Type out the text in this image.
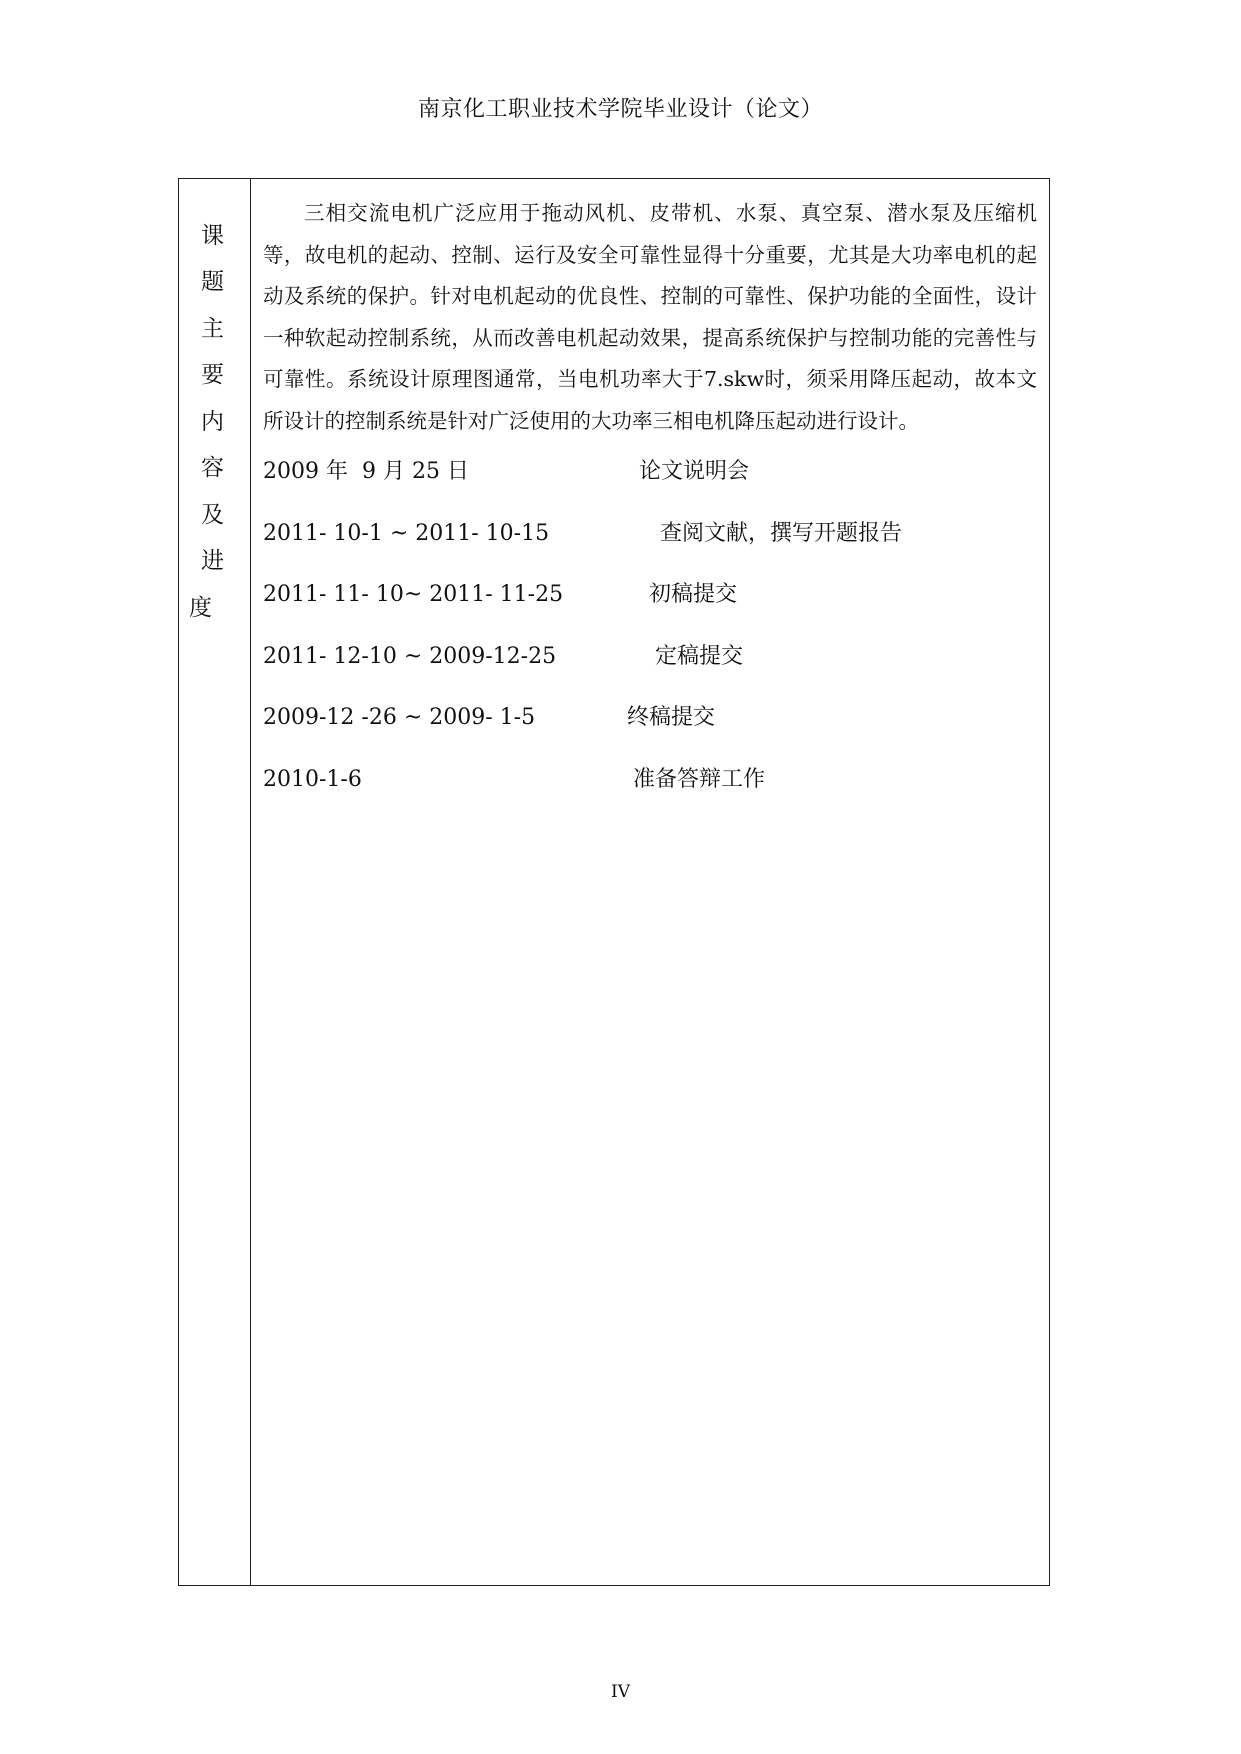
南京化工职业技术学院毕业设计（论文）
课
题
主
要
内
容
及
进
度

三相交流电机广泛应用于拖动风机、皮带机、水泵、真空泵、潜水泵及压缩机等，故电机的起动、控制、运行及安全可靠性显得十分重要，尤其是大功率电机的起动及系统的保护。针对电机起动的优良性、控制的可靠性、保护功能的全面性，设计一种软起动控制系统，从而改善电机起动效果，提高系统保护与控制功能的完善性与可靠性。系统设计原理图通常，当电机功率大于7.skw时，须采用降压起动，故本文所设计的控制系统是针对广泛使用的大功率三相电机降压起动进行设计。

2009 年  9 月 25 日	论文说明会
2011- 10-1 ~ 2011- 10-15	查阅文献，撰写开题报告
2011- 11- 10~ 2011- 11-25	初稿提交
2011- 12-10 ~ 2009-12-25	定稿提交
2009-12 -26 ~ 2009- 1-5	终稿提交
2010-1-6	准备答辩工作
IV
